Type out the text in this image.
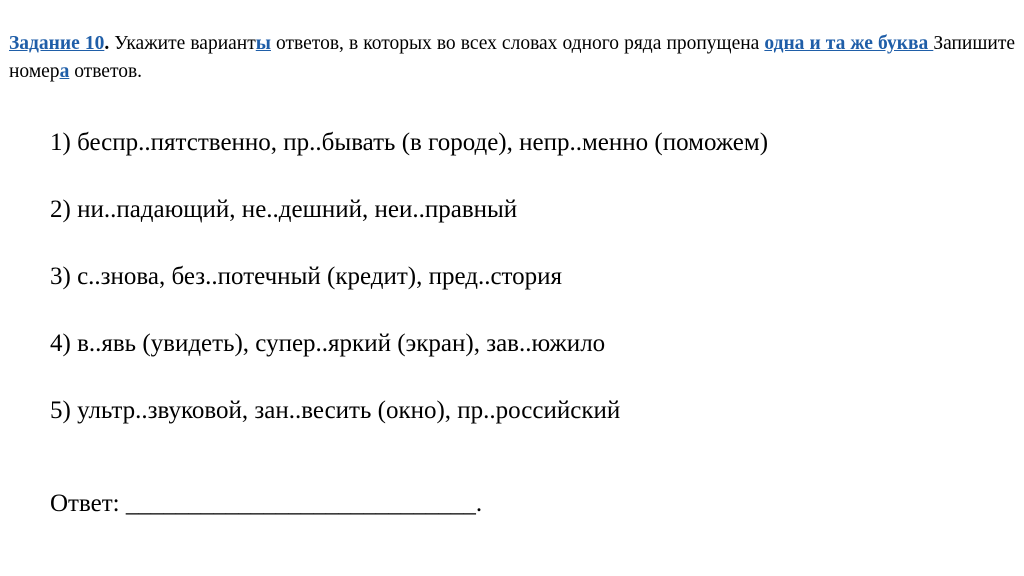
Задание 10. Укажите варианты ответов, в которых во всех словах одного ряда пропущена одна и та же буква Запишите номера ответов.
1) беспр..пятственно, пр..бывать (в городе), непр..менно (поможем)
2) ни..падающий, не..дешний, неи..правный
3) с..знова, без..потечный (кредит), пред..стория
4) в..явь (увидеть), супер..яркий (экран), зав..южило
5) ультр..звуковой, зан..весить (окно), пр..российский
Ответ: ____________________________.
